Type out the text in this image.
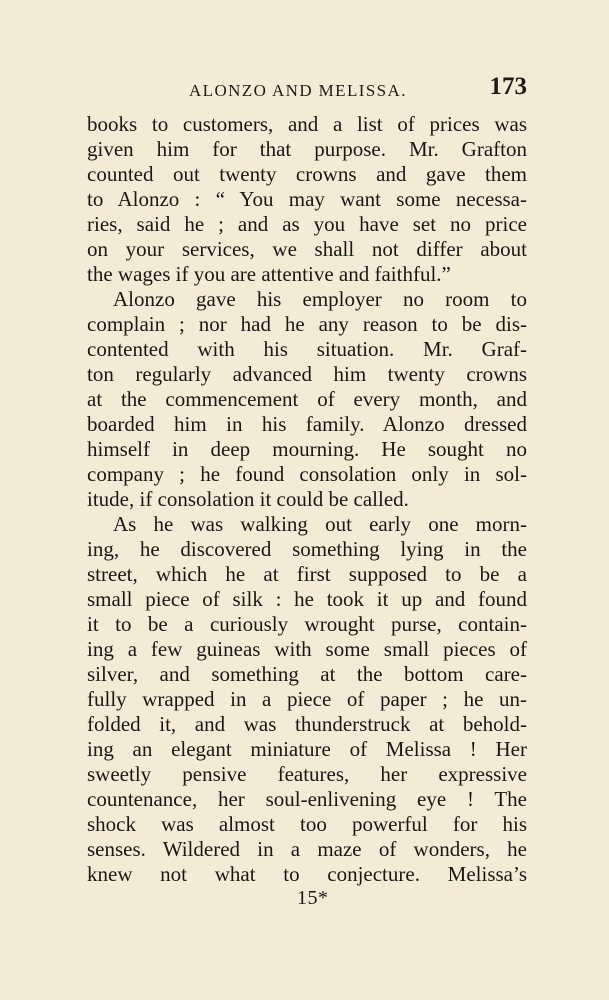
ALONZO AND MELISSA.	173
books to customers, and a list of prices was
given him for that purpose. Mr. Grafton
counted out twenty crowns and gave them
to Alonzo : “ You may want some necessa-
ries, said he ; and as you have set no price
on your services, we shall not differ about
the wages if you are attentive and faithful.”
Alonzo gave his employer no room to
complain ; nor had he any reason to be dis-
contented with his situation. Mr. Graf-
ton regularly advanced him twenty crowns
at the commencement of every month, and
boarded him in his family. Alonzo dressed
himself in deep mourning. He sought no
company ; he found consolation only in sol-
itude, if consolation it could be called.
As he was walking out early one morn-
ing, he discovered something lying in the
street, which he at first supposed to be a
small piece of silk : he took it up and found
it to be a curiously wrought purse, contain-
ing a few guineas with some small pieces of
silver, and something at the bottom care-
fully wrapped in a piece of paper ; he un-
folded it, and was thunderstruck at behold-
ing an elegant miniature of Melissa ! Her
sweetly pensive features, her expressive
countenance, her soul-enlivening eye ! The
shock was almost too powerful for his
senses. Wildered in a maze of wonders, he
knew not what to conjecture. Melissa’s
15*
